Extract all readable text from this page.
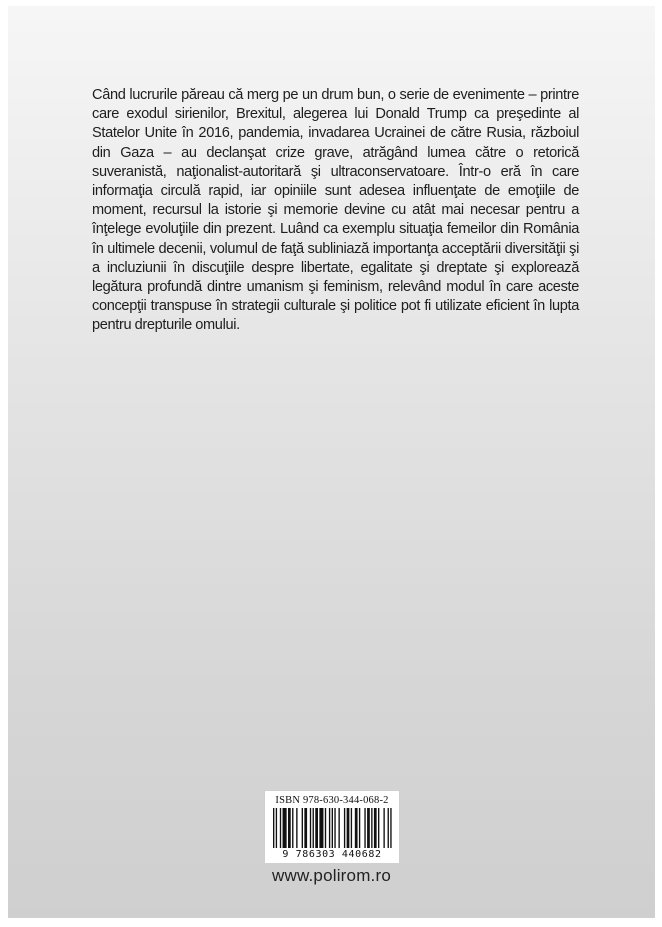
Când lucrurile păreau că merg pe un drum bun, o serie de evenimente – printre care exodul sirienilor, Brexitul, alegerea lui Donald Trump ca preşedinte al Statelor Unite în 2016, pandemia, invadarea Ucrainei de către Rusia, războiul din Gaza – au declanşat crize grave, atrăgând lumea către o retorică suveranistă, naţionalist-autoritară şi ultraconservatoare. Într-o eră în care informaţia circulă rapid, iar opiniile sunt adesea influenţate de emoţiile de moment, recursul la istorie şi memorie devine cu atât mai necesar pentru a înţelege evoluţiile din prezent. Luând ca exemplu situaţia femeilor din România în ultimele decenii, volumul de faţă subliniază importanţa acceptării diversităţii şi a incluziunii în discuţiile despre libertate, egalitate şi dreptate şi explorează legătura profundă dintre umanism şi feminism, relevând modul în care aceste concepţii transpuse în strategii culturale şi politice pot fi utilizate eficient în lupta pentru drepturile omului.

ISBN 978-630-344-068-2
9 786303 440682
www.polirom.ro
